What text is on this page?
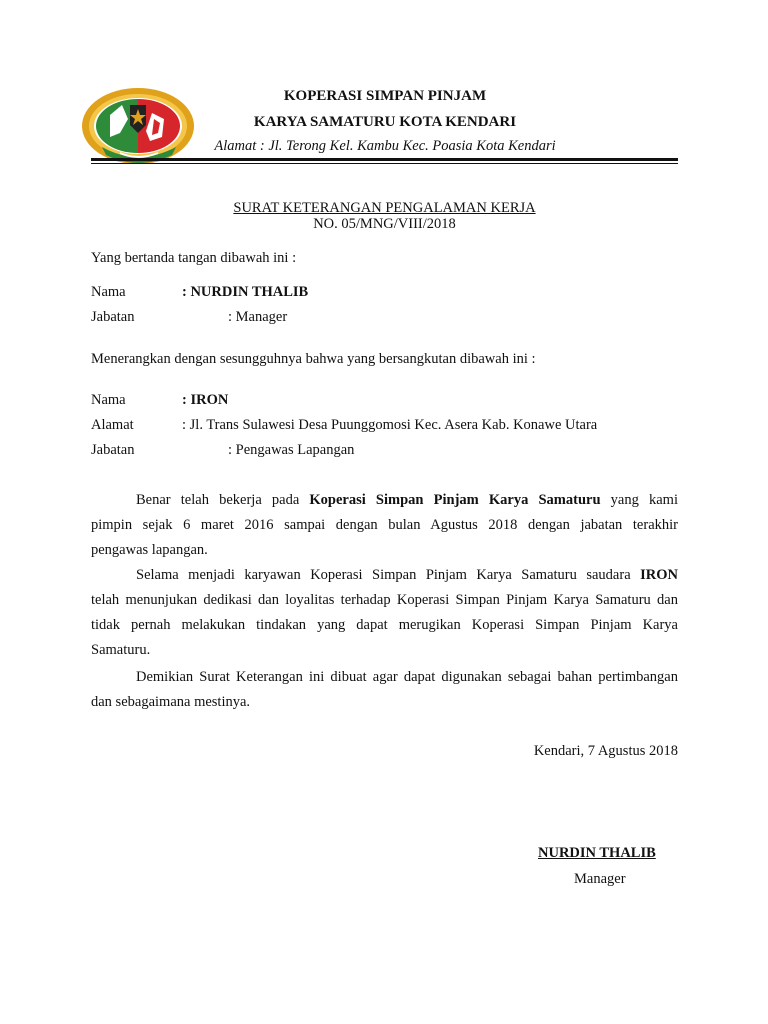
KOPERASI SIMPAN PINJAM
KARYA SAMATURU KOTA KENDARI
Alamat : Jl. Terong Kel. Kambu Kec. Poasia Kota Kendari
SURAT KETERANGAN PENGALAMAN KERJA
NO. 05/MNG/VIII/2018
Yang bertanda tangan dibawah ini :
Nama	: NURDIN THALIB
Jabatan	: Manager
Menerangkan dengan sesungguhnya bahwa yang bersangkutan dibawah ini :
Nama	: IRON
Alamat	: Jl. Trans Sulawesi Desa Puunggomosi Kec. Asera Kab. Konawe Utara
Jabatan	: Pengawas Lapangan
Benar telah bekerja pada Koperasi Simpan Pinjam Karya Samaturu yang kami
pimpin sejak 6 maret 2016 sampai dengan bulan Agustus 2018 dengan jabatan terakhir
pengawas lapangan.
Selama menjadi karyawan Koperasi Simpan Pinjam Karya Samaturu saudara IRON
telah menunjukan dedikasi dan loyalitas terhadap Koperasi Simpan Pinjam Karya Samaturu dan
tidak pernah melakukan tindakan yang dapat merugikan Koperasi Simpan Pinjam Karya
Samaturu.
Demikian Surat Keterangan ini dibuat agar dapat digunakan sebagai bahan pertimbangan
dan sebagaimana mestinya.
Kendari, 7 Agustus 2018
NURDIN THALIB
Manager
